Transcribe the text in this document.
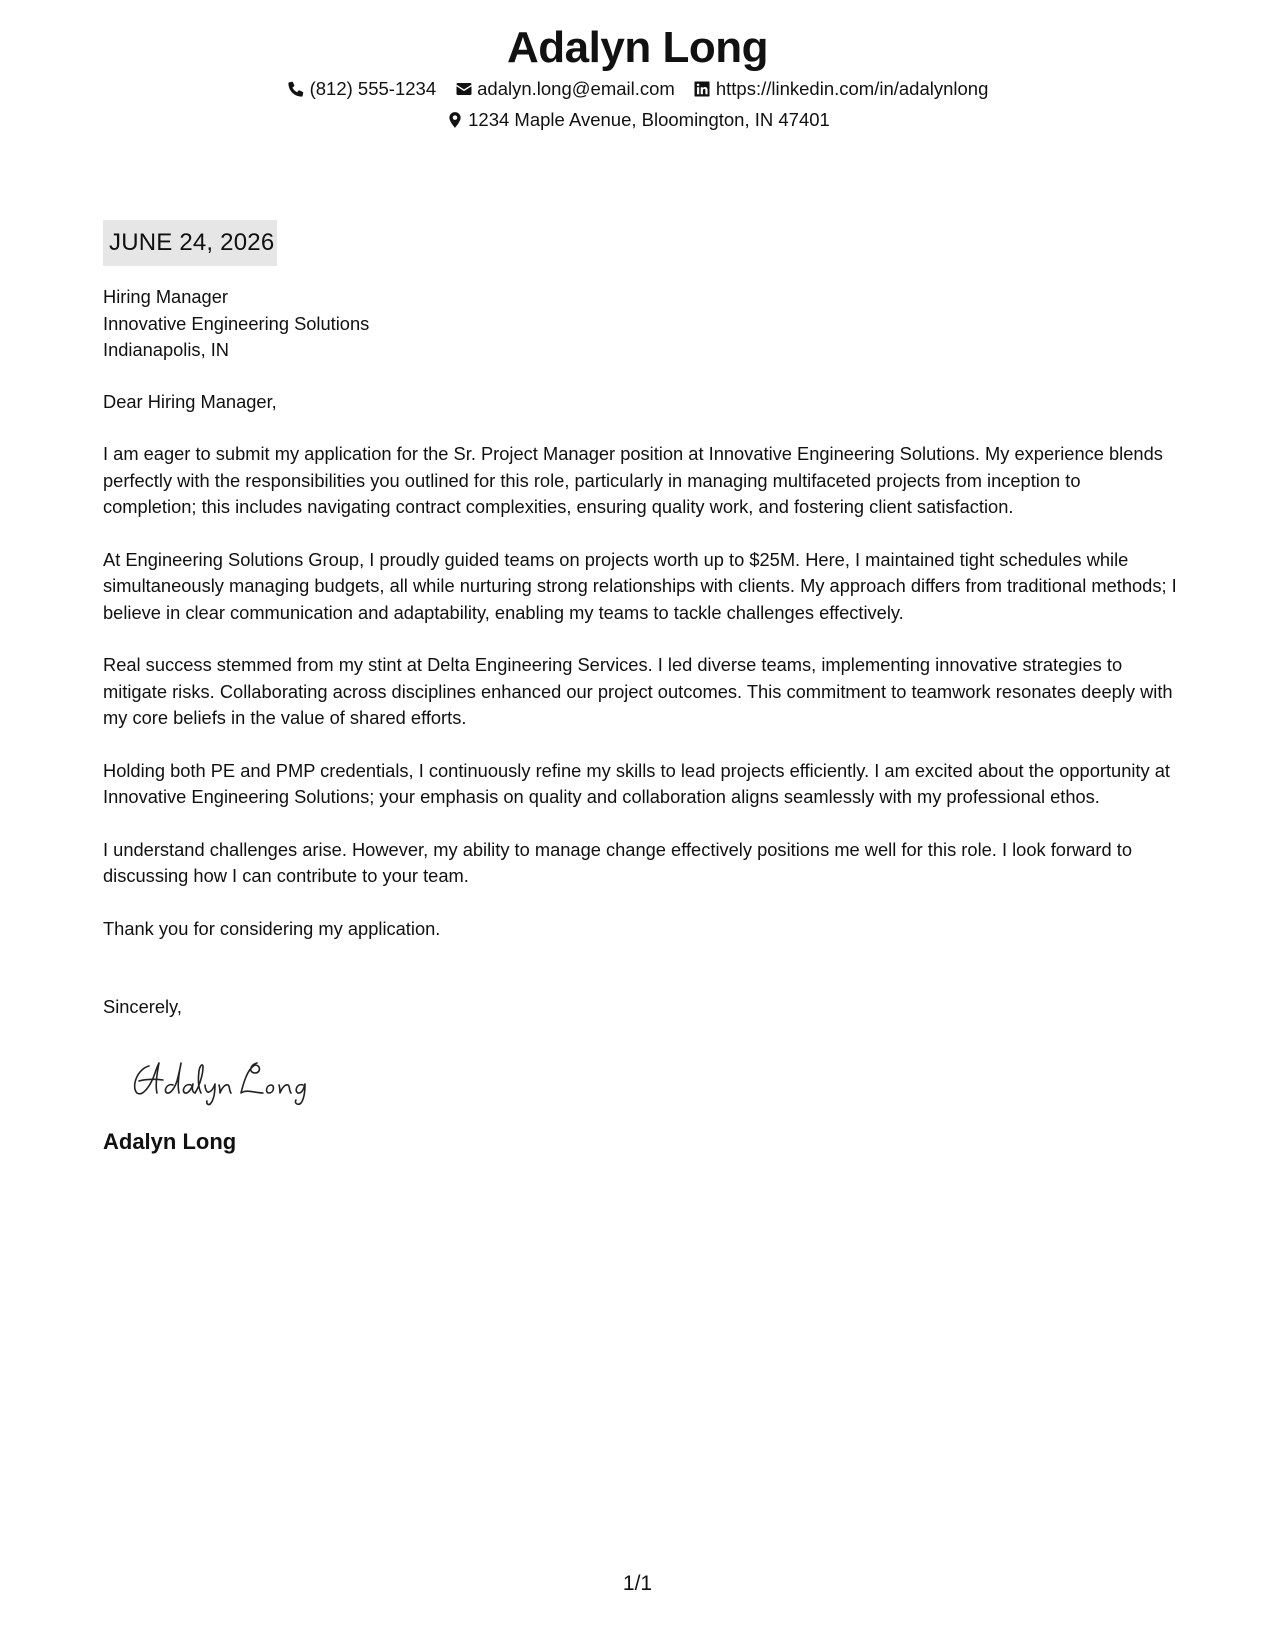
Adalyn Long
(812) 555-1234 adalyn.long@email.com https://linkedin.com/in/adalynlong
1234 Maple Avenue, Bloomington, IN 47401
JUNE 24, 2026
Hiring Manager
Innovative Engineering Solutions
Indianapolis, IN
Dear Hiring Manager,
I am eager to submit my application for the Sr. Project Manager position at Innovative Engineering Solutions. My experience blends perfectly with the responsibilities you outlined for this role, particularly in managing multifaceted projects from inception to completion; this includes navigating contract complexities, ensuring quality work, and fostering client satisfaction.
At Engineering Solutions Group, I proudly guided teams on projects worth up to $25M. Here, I maintained tight schedules while simultaneously managing budgets, all while nurturing strong relationships with clients. My approach differs from traditional methods; I believe in clear communication and adaptability, enabling my teams to tackle challenges effectively.
Real success stemmed from my stint at Delta Engineering Services. I led diverse teams, implementing innovative strategies to mitigate risks. Collaborating across disciplines enhanced our project outcomes. This commitment to teamwork resonates deeply with my core beliefs in the value of shared efforts.
Holding both PE and PMP credentials, I continuously refine my skills to lead projects efficiently. I am excited about the opportunity at Innovative Engineering Solutions; your emphasis on quality and collaboration aligns seamlessly with my professional ethos.
I understand challenges arise. However, my ability to manage change effectively positions me well for this role. I look forward to discussing how I can contribute to your team.
Thank you for considering my application.
Sincerely,
Adalyn Long
1/1
